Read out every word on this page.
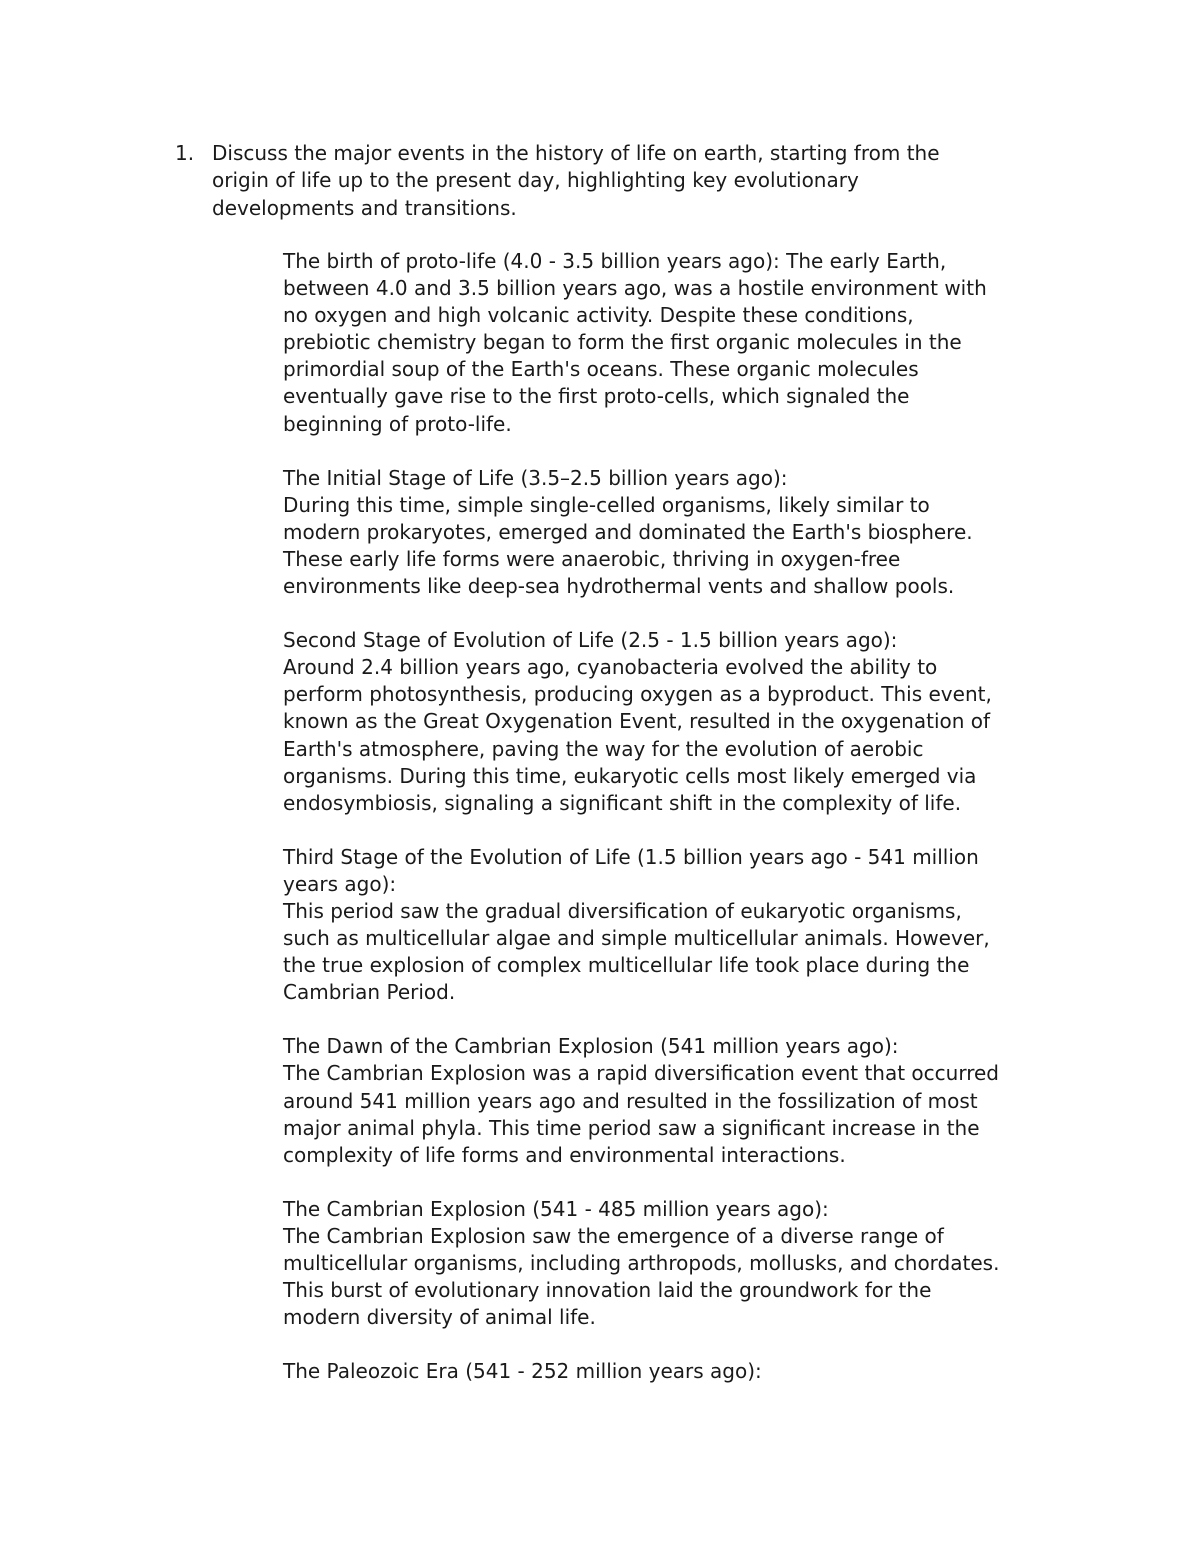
1. Discuss the major events in the history of life on earth, starting from the
origin of life up to the present day, highlighting key evolutionary
developments and transitions.

The birth of proto-life (4.0 - 3.5 billion years ago): The early Earth,
between 4.0 and 3.5 billion years ago, was a hostile environment with
no oxygen and high volcanic activity. Despite these conditions,
prebiotic chemistry began to form the first organic molecules in the
primordial soup of the Earth's oceans. These organic molecules
eventually gave rise to the first proto-cells, which signaled the
beginning of proto-life.

The Initial Stage of Life (3.5–2.5 billion years ago):
During this time, simple single-celled organisms, likely similar to
modern prokaryotes, emerged and dominated the Earth's biosphere.
These early life forms were anaerobic, thriving in oxygen-free
environments like deep-sea hydrothermal vents and shallow pools.

Second Stage of Evolution of Life (2.5 - 1.5 billion years ago):
Around 2.4 billion years ago, cyanobacteria evolved the ability to
perform photosynthesis, producing oxygen as a byproduct. This event,
known as the Great Oxygenation Event, resulted in the oxygenation of
Earth's atmosphere, paving the way for the evolution of aerobic
organisms. During this time, eukaryotic cells most likely emerged via
endosymbiosis, signaling a significant shift in the complexity of life.

Third Stage of the Evolution of Life (1.5 billion years ago - 541 million
years ago):
This period saw the gradual diversification of eukaryotic organisms,
such as multicellular algae and simple multicellular animals. However,
the true explosion of complex multicellular life took place during the
Cambrian Period.

The Dawn of the Cambrian Explosion (541 million years ago):
The Cambrian Explosion was a rapid diversification event that occurred
around 541 million years ago and resulted in the fossilization of most
major animal phyla. This time period saw a significant increase in the
complexity of life forms and environmental interactions.

The Cambrian Explosion (541 - 485 million years ago):
The Cambrian Explosion saw the emergence of a diverse range of
multicellular organisms, including arthropods, mollusks, and chordates.
This burst of evolutionary innovation laid the groundwork for the
modern diversity of animal life.

The Paleozoic Era (541 - 252 million years ago):
